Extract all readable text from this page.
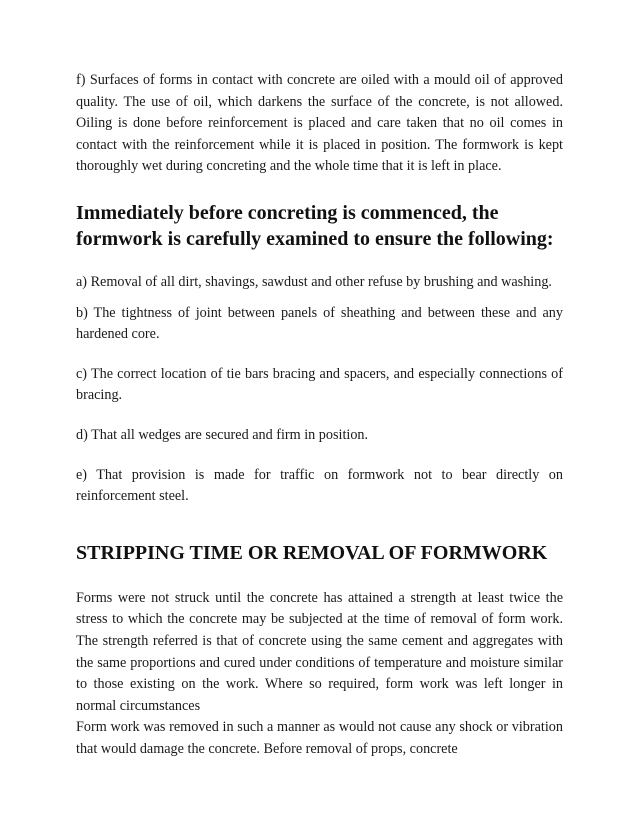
f) Surfaces of forms in contact with concrete are oiled with a mould oil of approved quality. The use of oil, which darkens the surface of the concrete, is not allowed. Oiling is done before reinforcement is placed and care taken that no oil comes in contact with the reinforcement while it is placed in position. The formwork is kept thoroughly wet during concreting and the whole time that it is left in place.

Immediately before concreting is commenced, the formwork is carefully examined to ensure the following:

a) Removal of all dirt, shavings, sawdust and other refuse by brushing and washing.

b) The tightness of joint between panels of sheathing and between these and any hardened core.

c) The correct location of tie bars bracing and spacers, and especially connections of bracing.

d) That all wedges are secured and firm in position.

e) That provision is made for traffic on formwork not to bear directly on reinforcement steel.

STRIPPING TIME OR REMOVAL OF FORMWORK

Forms were not struck until the concrete has attained a strength at least twice the stress to which the concrete may be subjected at the time of removal of form work. The strength referred is that of concrete using the same cement and aggregates with the same proportions and cured under conditions of temperature and moisture similar to those existing on the work. Where so required, form work was left longer in normal circumstances

Form work was removed in such a manner as would not cause any shock or vibration that would damage the concrete. Before removal of props, concrete
